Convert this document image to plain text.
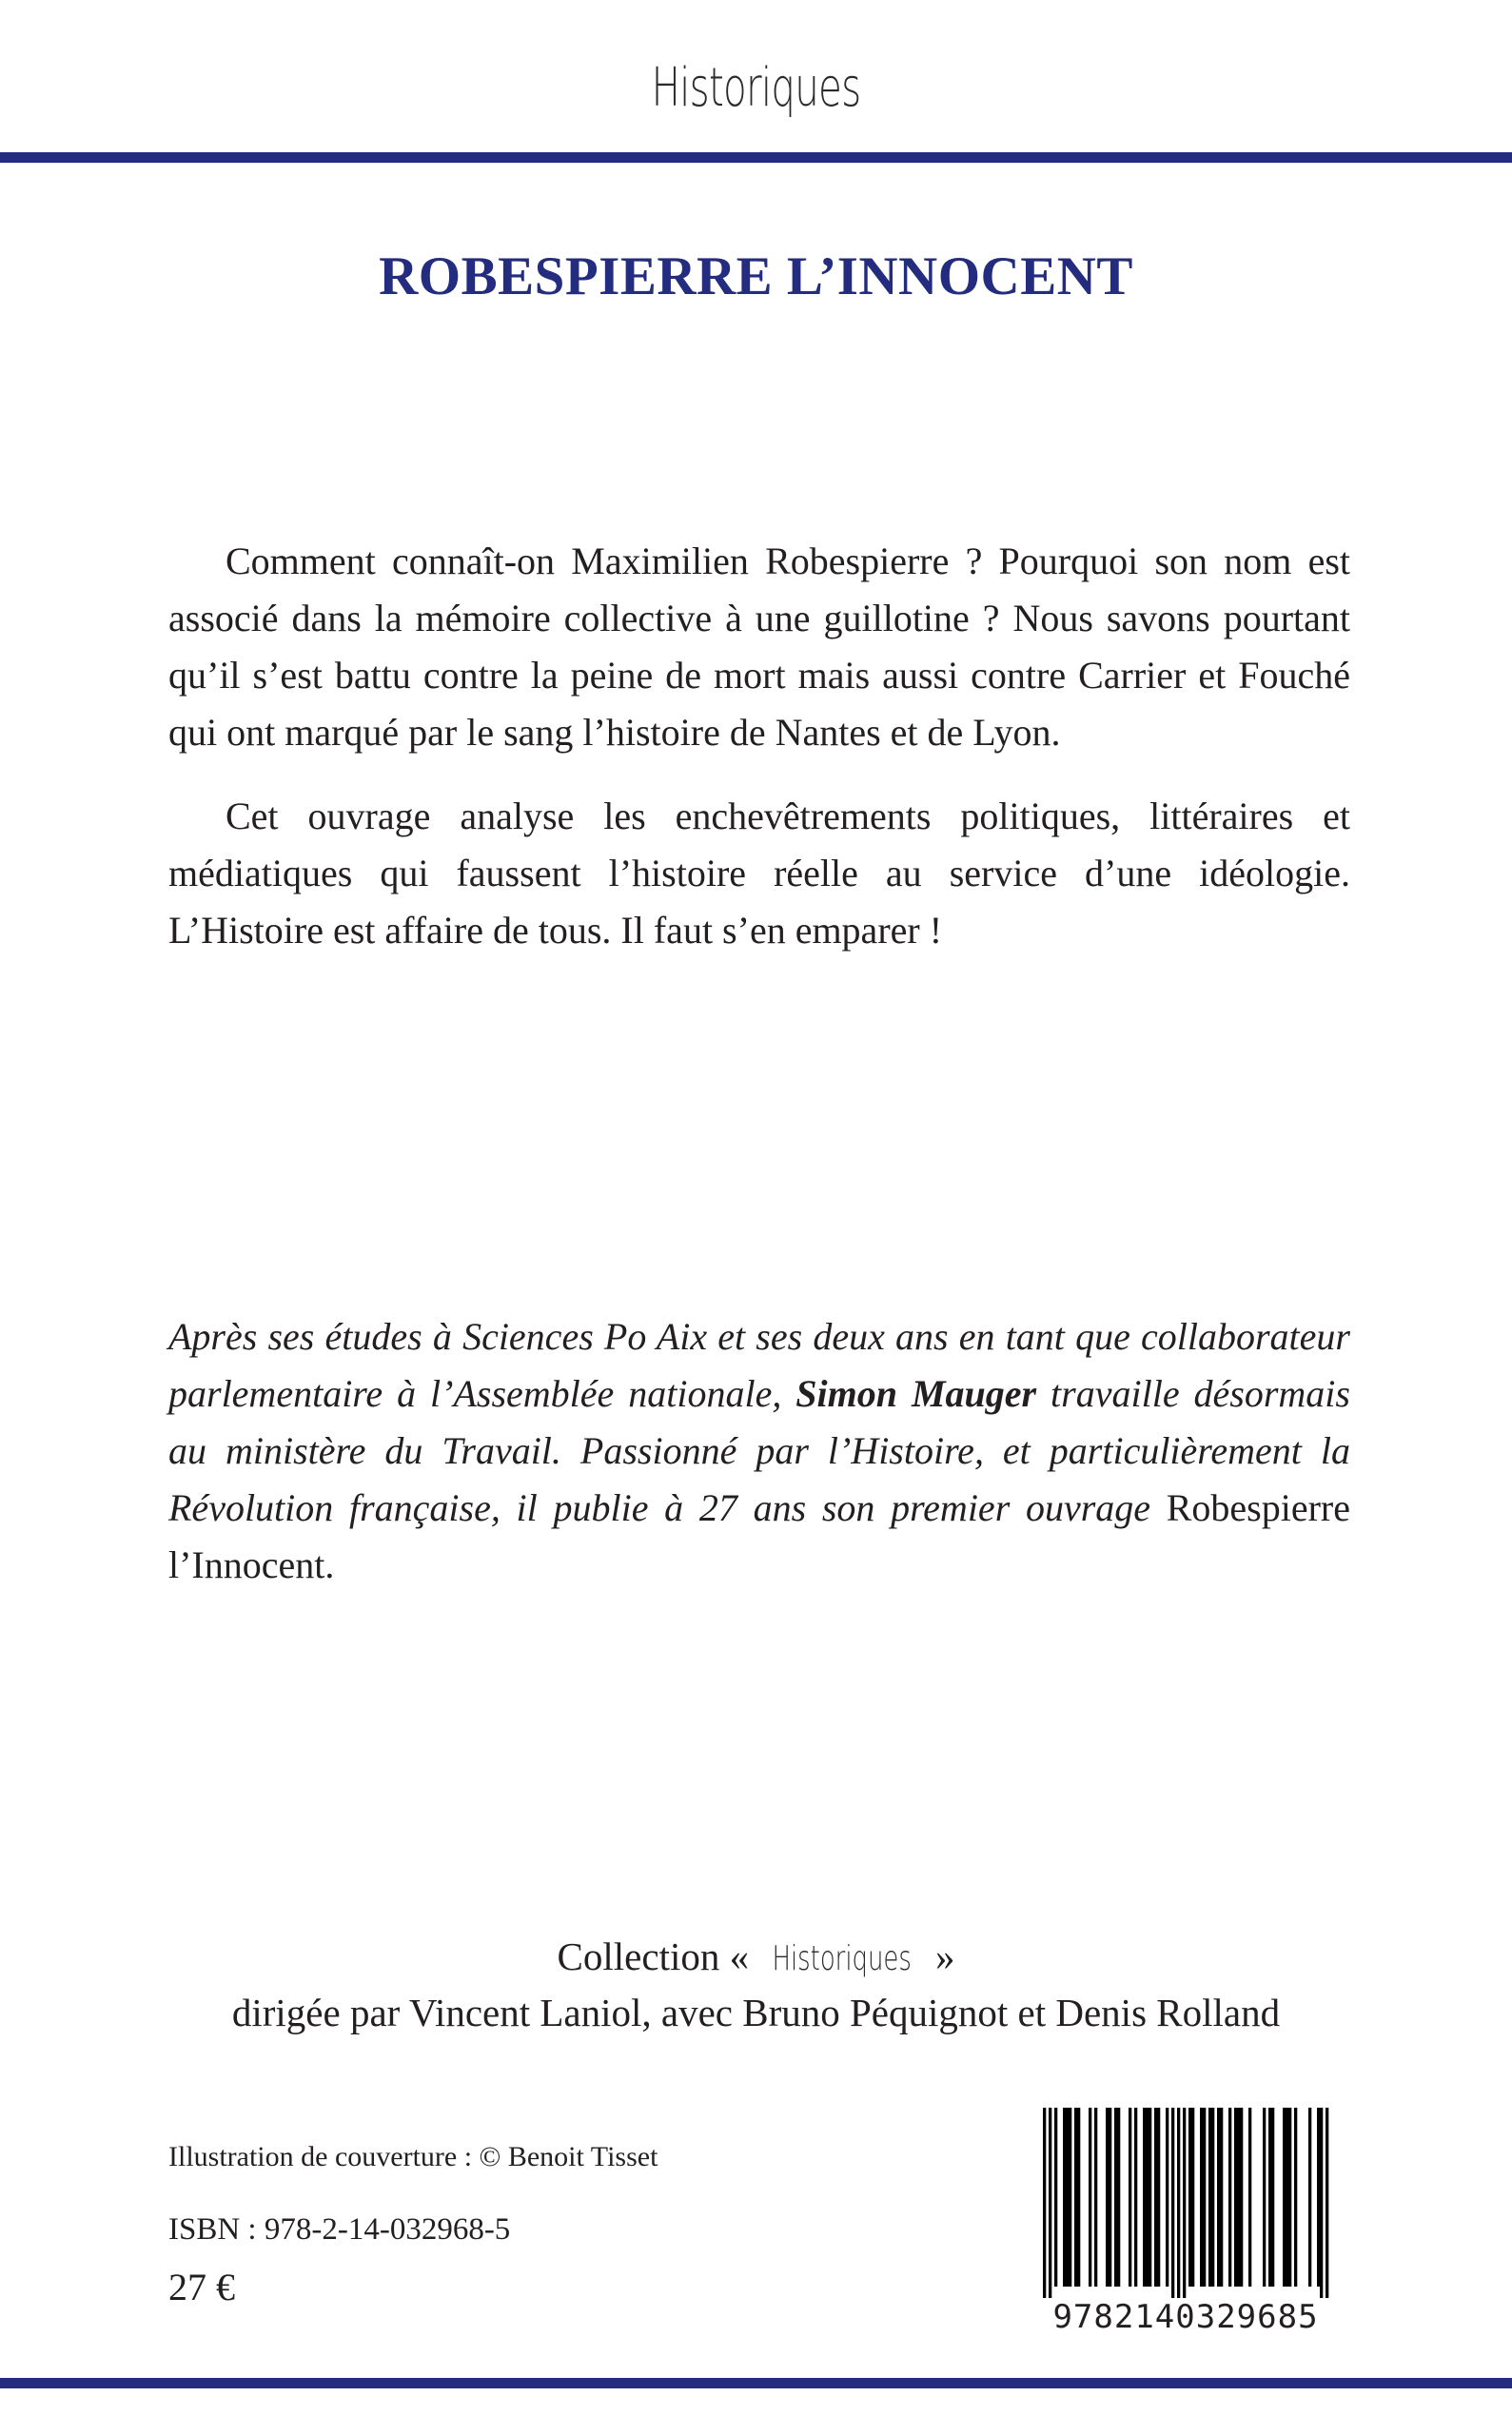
Historiques
ROBESPIERRE L’INNOCENT

Comment connaît-on Maximilien Robespierre ? Pourquoi son nom est associé dans la mémoire collective à une guillotine ? Nous savons pourtant qu’il s’est battu contre la peine de mort mais aussi contre Carrier et Fouché qui ont marqué par le sang l’histoire de Nantes et de Lyon.

Cet ouvrage analyse les enchevêtrements politiques, littéraires et médiatiques qui faussent l’histoire réelle au service d’une idéologie. L’Histoire est affaire de tous. Il faut s’en emparer !

Après ses études à Sciences Po Aix et ses deux ans en tant que collaborateur parlementaire à l’Assemblée nationale, Simon Mauger travaille désormais au ministère du Travail. Passionné par l’Histoire, et particulièrement la Révolution française, il publie à 27 ans son premier ouvrage Robespierre l’Innocent.
Collection « Historiques »
dirigée par Vincent Laniol, avec Bruno Péquignot et Denis Rolland
Illustration de couverture : © Benoit Tisset
ISBN : 978-2-14-032968-5
27 €
9782140329685
